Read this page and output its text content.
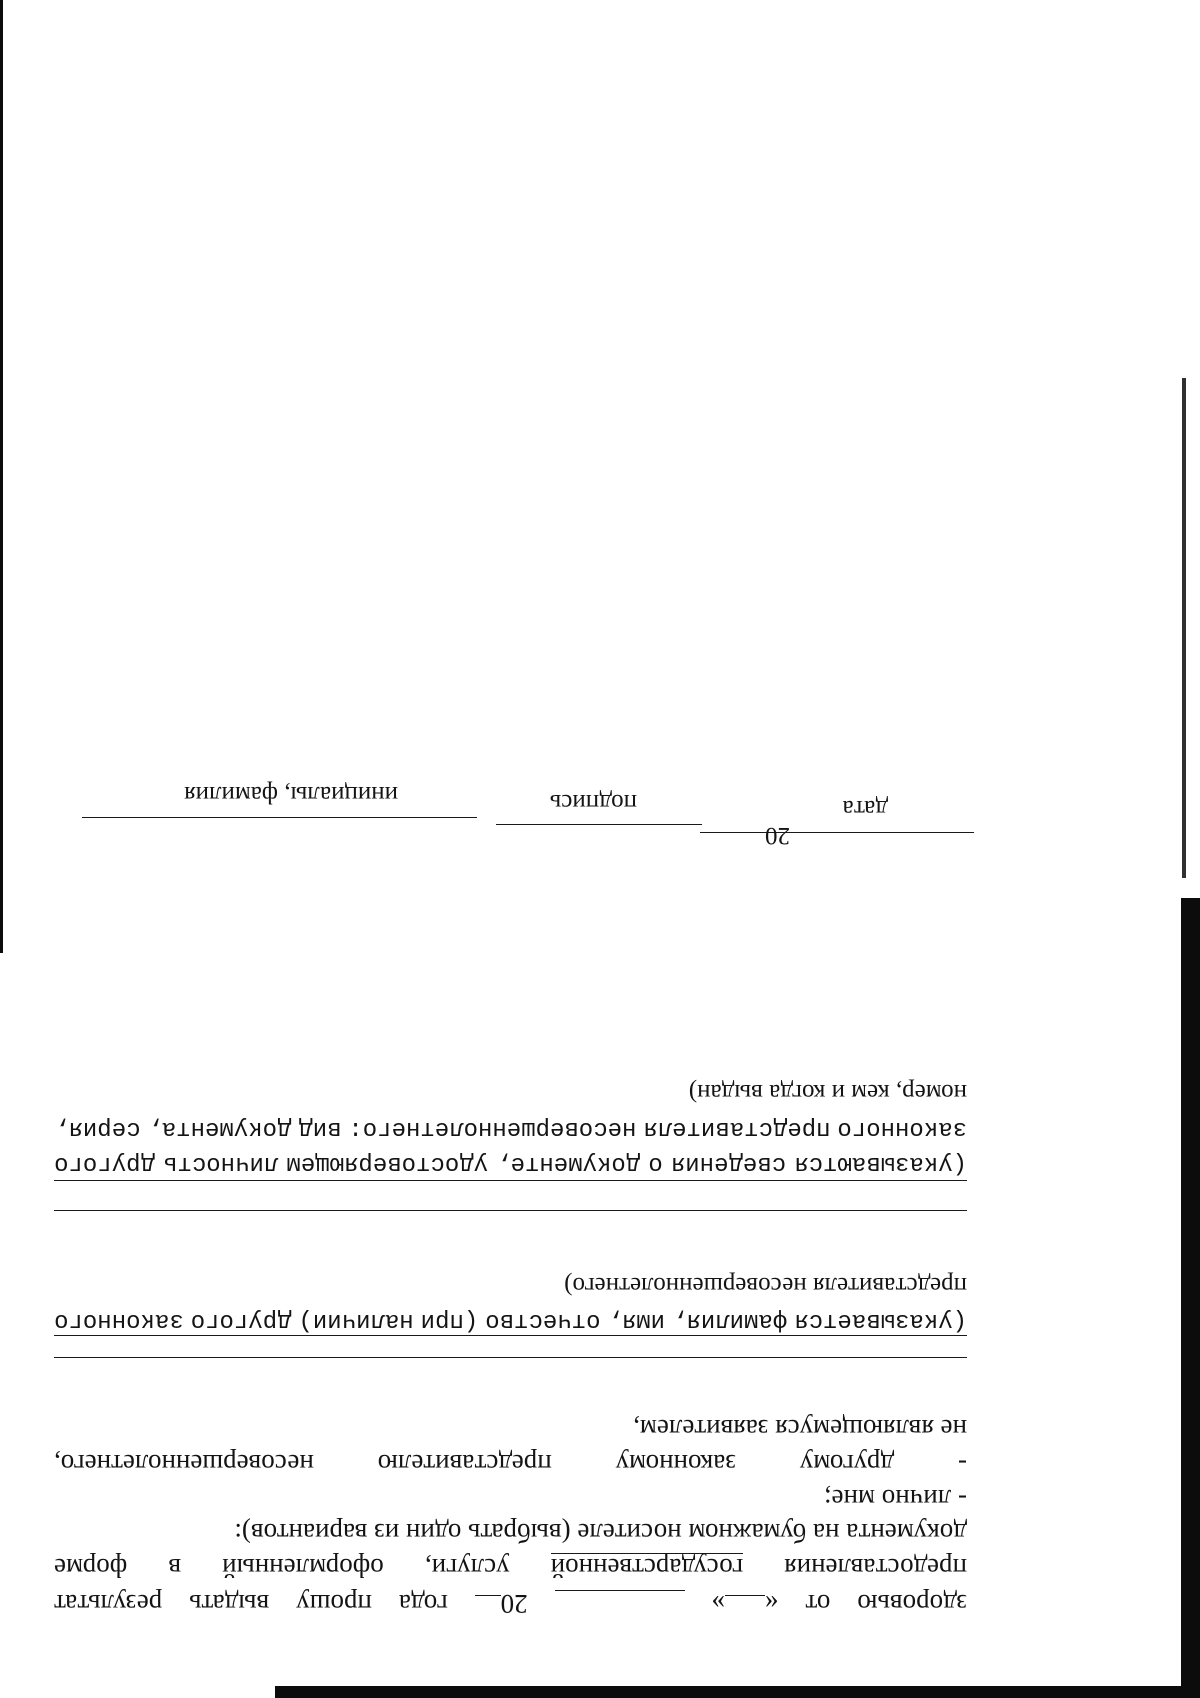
здоровью
от
«»
20
года
прошу
выдать
результат
предоставления
государственной
услуги,
оформленный
в
форме
документа на бумажном носителе (выбрать один из вариантов):
- лично мне;
-
другому
законному
представителю
несовершеннолетнего,
не являющемуся заявителем,
(указывается
фамилия,
имя,
отчество
(при
наличии)
другого
законного
представителя несовершеннолетнего)
(указываются
сведения
о
документе,
удостоверяющем
личность
другого
законного
представителя
несовершеннолетнего:
вид
документа,
серия,
номер, кем и когда выдан)
20
дата
подпись
инициалы, фамилия
